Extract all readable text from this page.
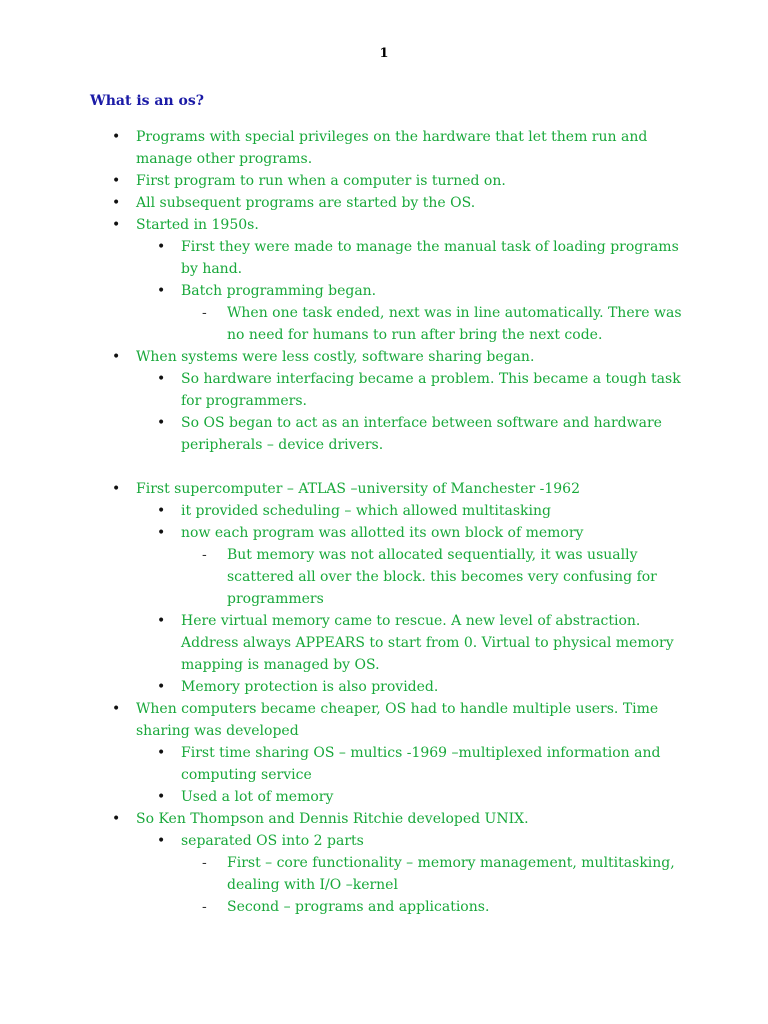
1
What is an os?
• Programs with special privileges on the hardware that let them run and manage other programs.
• First program to run when a computer is turned on.
• All subsequent programs are started by the OS.
• Started in 1950s.
• First they were made to manage the manual task of loading programs by hand.
• Batch programming began.
- When one task ended, next was in line automatically. There was no need for humans to run after bring the next code.
• When systems were less costly, software sharing began.
• So hardware interfacing became a problem. This became a tough task for programmers.
• So OS began to act as an interface between software and hardware peripherals – device drivers.
• First supercomputer – ATLAS –university of Manchester -1962
• it provided scheduling – which allowed multitasking
• now each program was allotted its own block of memory
- But memory was not allocated sequentially, it was usually scattered all over the block. this becomes very confusing for programmers
• Here virtual memory came to rescue. A new level of abstraction. Address always APPEARS to start from 0. Virtual to physical memory mapping is managed by OS.
• Memory protection is also provided.
• When computers became cheaper, OS had to handle multiple users. Time sharing was developed
• First time sharing OS – multics -1969 –multiplexed information and computing service
• Used a lot of memory
• So Ken Thompson and Dennis Ritchie developed UNIX.
• separated OS into 2 parts
- First – core functionality – memory management, multitasking, dealing with I/O –kernel
- Second – programs and applications.
